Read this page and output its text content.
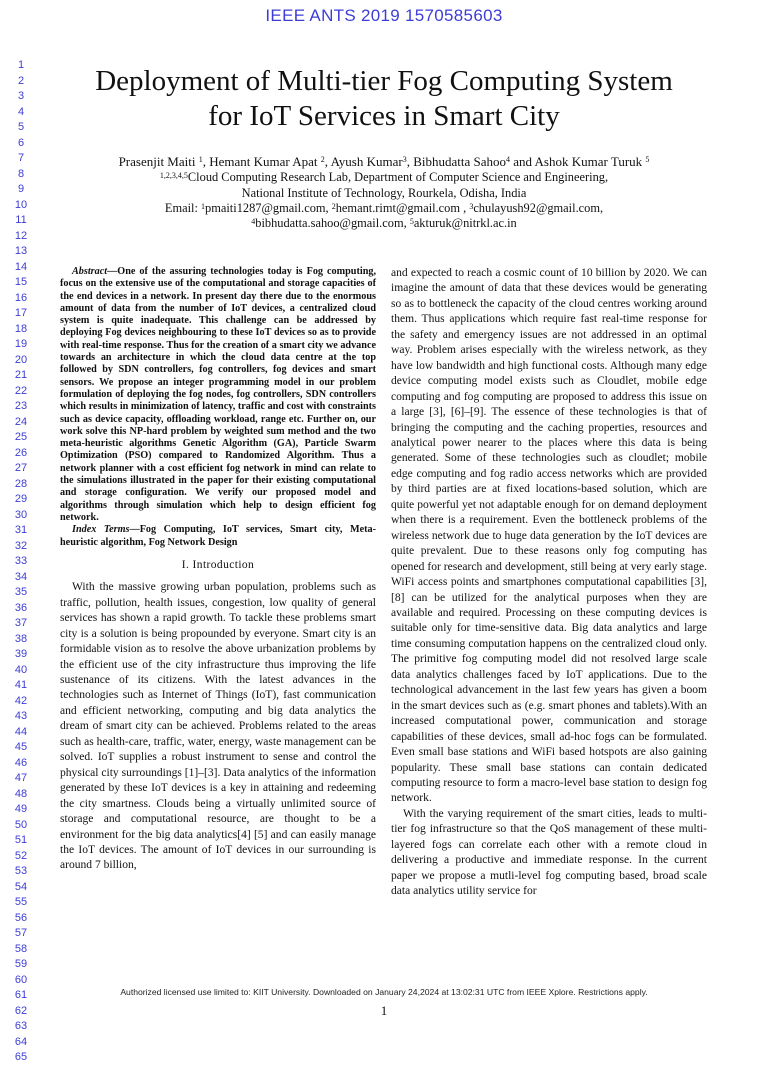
IEEE ANTS 2019 1570585603
1
2
3
4
5
6
7
8
9
10
11
12
13
14
15
16
17
18
19
20
21
22
23
24
25
26
27
28
29
30
31
32
33
34
35
36
37
38
39
40
41
42
43
44
45
46
47
48
49
50
51
52
53
54
55
56
57
58
59
60
61
62
63
64
65
Deployment of Multi-tier Fog Computing System
for IoT Services in Smart City
Prasenjit Maiti $^1$, Hemant Kumar Apat $^2$, Ayush Kumar$^3$, Bibhudatta Sahoo$^4$ and Ashok Kumar Turuk $^5$
$^{1,2,3,4,5}$Cloud Computing Research Lab, Department of Computer Science and Engineering,
National Institute of Technology, Rourkela, Odisha, India
Email: $^1$pmaiti1287@gmail.com, $^2$hemant.rimt@gmail.com , $^3$chulayush92@gmail.com,
$^4$bibhudatta.sahoo@gmail.com, $^5$akturuk@nitrkl.ac.in

Abstract—One of the assuring technologies today is Fog computing, focus on the extensive use of the computational and storage capacities of the end devices in a network. In present day there due to the enormous amount of data from the number of IoT devices, a centralized cloud system is quite inadequate. This challenge can be addressed by deploying Fog devices neighbouring to these IoT devices so as to provide with real-time response. Thus for the creation of a smart city we advance towards an architecture in which the cloud data centre at the top followed by SDN controllers, fog controllers, fog devices and smart sensors. We propose an integer programming model in our problem formulation of deploying the fog nodes, fog controllers, SDN controllers which results in minimization of latency, traffic and cost with constraints such as device capacity, offloading workload, range etc. Further on, our work solve this NP-hard problem by weighted sum method and the two meta-heuristic algorithms Genetic Algorithm (GA), Particle Swarm Optimization (PSO) compared to Randomized Algorithm. Thus a network planner with a cost efficient fog network in mind can relate to the simulations illustrated in the paper for their existing computational and storage configuration. We verify our proposed model and algorithms through simulation which help to design efficient fog network.

Index Terms—Fog Computing, IoT services, Smart city, Meta-heuristic algorithm, Fog Network Design

I. Introduction

With the massive growing urban population, problems such as traffic, pollution, health issues, congestion, low quality of general services has shown a rapid growth. To tackle these problems smart city is a solution is being propounded by everyone. Smart city is an formidable vision as to resolve the above urbanization problems by the efficient use of the city infrastructure thus improving the life sustenance of its citizens. With the latest advances in the technologies such as Internet of Things (IoT), fast communication and efficient networking, computing and big data analytics the dream of smart city can be achieved. Problems related to the areas such as health-care, traffic, water, energy, waste management can be solved. IoT supplies a robust instrument to sense and control the physical city surroundings [1]–[3]. Data analytics of the information generated by these IoT devices is a key in attaining and redeeming the city smartness. Clouds being a virtually unlimited source of storage and computational resource, are thought to be a environment for the big data analytics[4] [5] and can easily manage the IoT devices. The amount of IoT devices in our surrounding is around 7 billion,

and expected to reach a cosmic count of 10 billion by 2020. We can imagine the amount of data that these devices would be generating so as to bottleneck the capacity of the cloud centres working around them. Thus applications which require fast real-time response for the safety and emergency issues are not addressed in an optimal way. Problem arises especially with the wireless network, as they have low bandwidth and high functional costs. Although many edge device computing model exists such as Cloudlet, mobile edge computing and fog computing are proposed to address this issue on a large [3], [6]–[9]. The essence of these technologies is that of bringing the computing and the caching properties, resources and analytical power nearer to the places where this data is being generated. Some of these technologies such as cloudlet; mobile edge computing and fog radio access networks which are provided by third parties are at fixed locations-based solution, which are quite powerful yet not adaptable enough for on demand deployment when there is a requirement. Even the bottleneck problems of the wireless network due to huge data generation by the IoT devices are quite prevalent. Due to these reasons only fog computing has opened for research and development, still being at very early stage. WiFi access points and smartphones computational capabilities [3], [8] can be utilized for the analytical purposes when they are available and required. Processing on these computing devices is suitable only for time-sensitive data. Big data analytics and large time consuming computation happens on the centralized cloud only. The primitive fog computing model did not resolved large scale data analytics challenges faced by IoT applications. Due to the technological advancement in the last few years has given a boom in the smart devices such as (e.g. smart phones and tablets).With an increased computational power, communication and storage capabilities of these devices, small ad-hoc fogs can be formulated. Even small base stations and WiFi based hotspots are also gaining popularity. These small base stations can contain dedicated computing resource to form a macro-level base station to design fog network.

With the varying requirement of the smart cities, leads to multi-tier fog infrastructure so that the QoS management of these multi-layered fogs can correlate each other with a remote cloud in delivering a productive and immediate response. In the current paper we propose a mutli-level fog computing based, broad scale data analytics utility service for

Authorized licensed use limited to: KIIT University. Downloaded on January 24,2024 at 13:02:31 UTC from IEEE Xplore. Restrictions apply.
1
